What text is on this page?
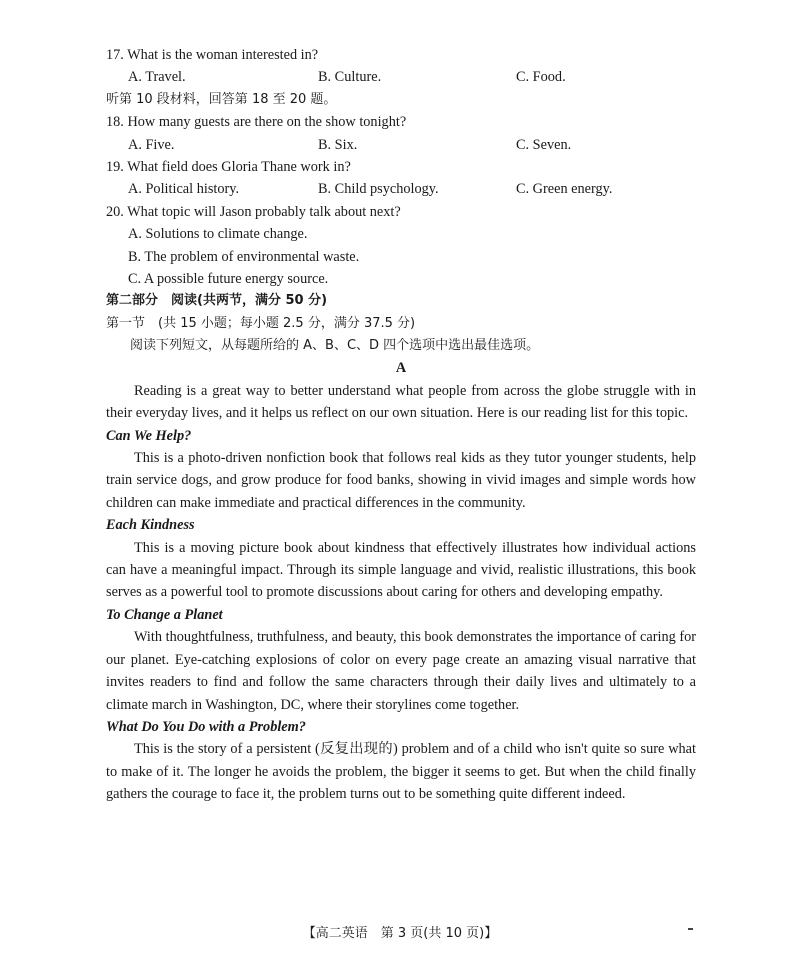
17. What is the woman interested in?
A. Travel.	B. Culture.	C. Food.
听第 10 段材料，回答第 18 至 20 题。
18. How many guests are there on the show tonight?
A. Five.	B. Six.	C. Seven.
19. What field does Gloria Thane work in?
A. Political history.	B. Child psychology.	C. Green energy.
20. What topic will Jason probably talk about next?
A. Solutions to climate change.
B. The problem of environmental waste.
C. A possible future energy source.
第二部分　阅读(共两节，满分 50 分)
第一节　(共 15 小题；每小题 2.5 分，满分 37.5 分)
阅读下列短文，从每题所给的 A、B、C、D 四个选项中选出最佳选项。
A

Reading is a great way to better understand what people from across the globe struggle with in their everyday lives, and it helps us reflect on our own situation. Here is our reading list for this topic.

Can We Help?

This is a photo-driven nonfiction book that follows real kids as they tutor younger students, help train service dogs, and grow produce for food banks, showing in vivid images and simple words how children can make immediate and practical differences in the community.

Each Kindness

This is a moving picture book about kindness that effectively illustrates how individual actions can have a meaningful impact. Through its simple language and vivid, realistic illustrations, this book serves as a powerful tool to promote discussions about caring for others and developing empathy.

To Change a Planet

With thoughtfulness, truthfulness, and beauty, this book demonstrates the importance of caring for our planet. Eye-catching explosions of color on every page create an amazing visual narrative that invites readers to find and follow the same characters through their daily lives and ultimately to a climate march in Washington, DC, where their storylines come together.

What Do You Do with a Problem?

This is the story of a persistent (反复出现的) problem and of a child who isn't quite so sure what to make of it. The longer he avoids the problem, the bigger it seems to get. But when the child finally gathers the courage to face it, the problem turns out to be something quite different indeed.

【高二英语　第 3 页(共 10 页)】
